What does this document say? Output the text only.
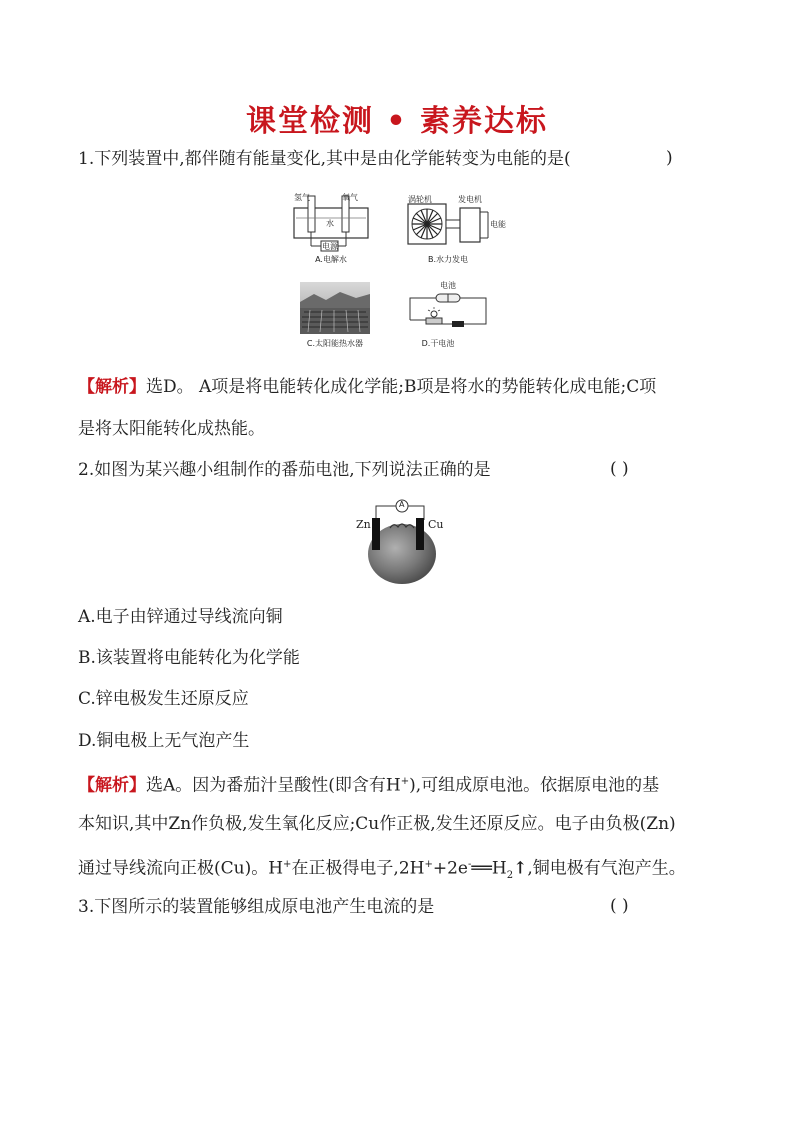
课堂检测 • 素养达标
1.下列装置中,都伴随有能量变化,其中是由化学能转变为电能的是(	)
氢气	氧气
水
电源
A.电解水
涡轮机	发电机
电能
B.水力发电
C.太阳能热水器
电池
D.干电池
【解析】选D。 A项是将电能转化成化学能;B项是将水的势能转化成电能;C项
是将太阳能转化成热能。
2.如图为某兴趣小组制作的番茄电池,下列说法正确的是	( )
A
Zn	Cu
A.电子由锌通过导线流向铜
B.该装置将电能转化为化学能
C.锌电极发生还原反应
D.铜电极上无气泡产生
【解析】选A。因为番茄汁呈酸性(即含有H+),可组成原电池。依据原电池的基
本知识,其中Zn作负极,发生氧化反应;Cu作正极,发生还原反应。电子由负极(Zn)
通过导线流向正极(Cu)。H+在正极得电子$,2H^++2e^-══H_2↑$,铜电极有气泡产生。
3.下图所示的装置能够组成原电池产生电流的是	( )
